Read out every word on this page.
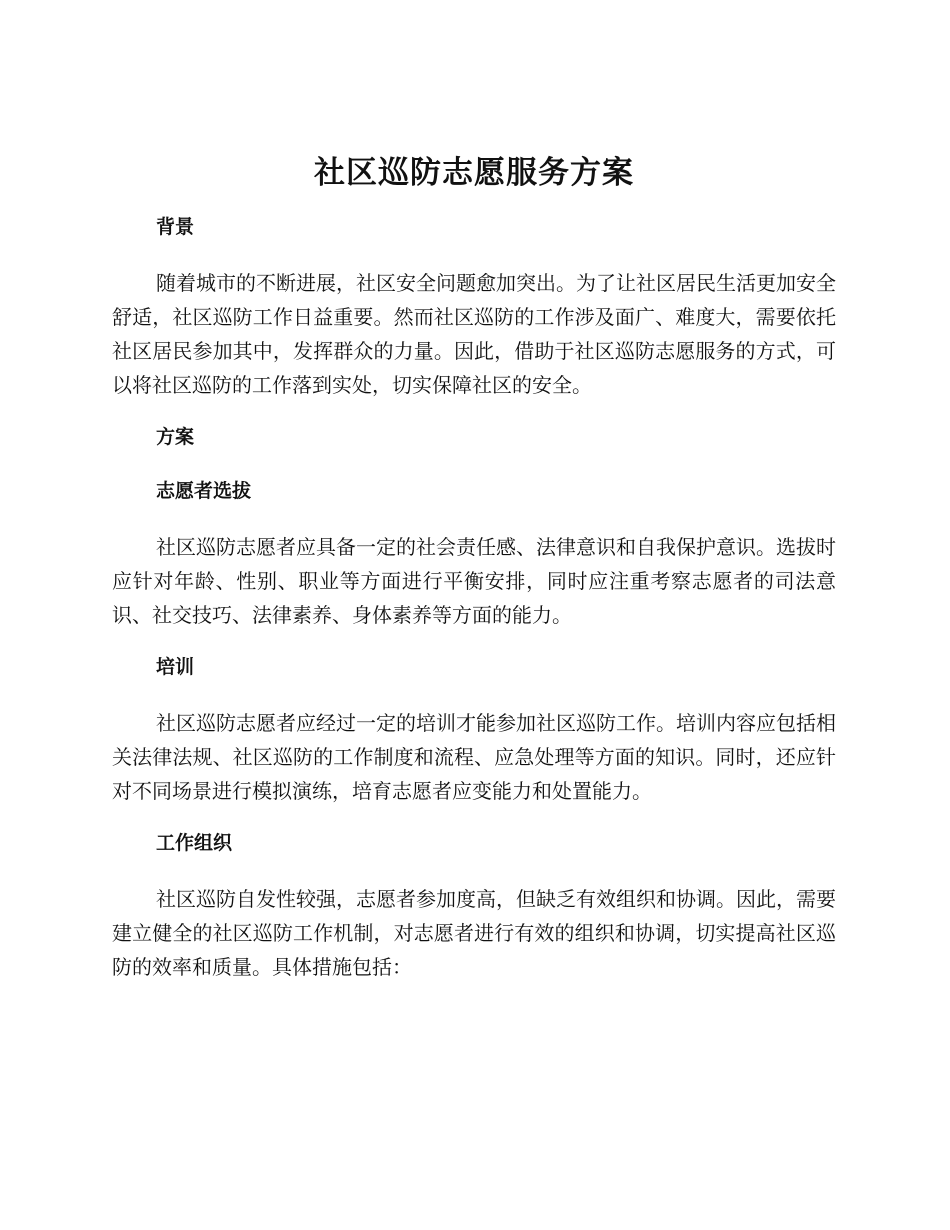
社区巡防志愿服务方案
背景

随着城市的不断进展，社区安全问题愈加突出。为了让社区居民生活更加安全舒适，社区巡防工作日益重要。然而社区巡防的工作涉及面广、难度大，需要依托社区居民参加其中，发挥群众的力量。因此，借助于社区巡防志愿服务的方式，可以将社区巡防的工作落到实处，切实保障社区的安全。

方案
志愿者选拔

社区巡防志愿者应具备一定的社会责任感、法律意识和自我保护意识。选拔时应针对年龄、性别、职业等方面进行平衡安排，同时应注重考察志愿者的司法意识、社交技巧、法律素养、身体素养等方面的能力。

培训

社区巡防志愿者应经过一定的培训才能参加社区巡防工作。培训内容应包括相关法律法规、社区巡防的工作制度和流程、应急处理等方面的知识。同时，还应针对不同场景进行模拟演练，培育志愿者应变能力和处置能力。

工作组织

社区巡防自发性较强，志愿者参加度高，但缺乏有效组织和协调。因此，需要建立健全的社区巡防工作机制，对志愿者进行有效的组织和协调，切实提高社区巡防的效率和质量。具体措施包括：
